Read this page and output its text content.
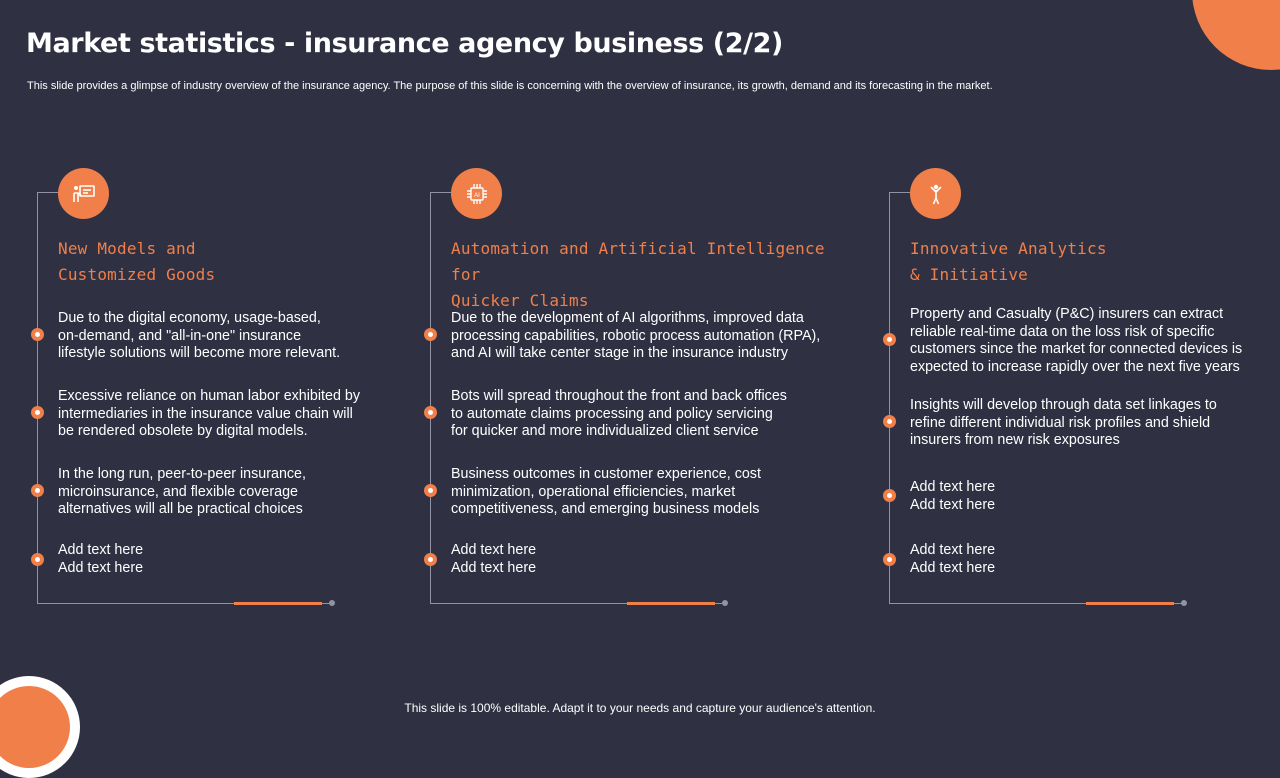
Market statistics - insurance agency business (2/2)

This slide provides a glimpse of industry overview of the insurance agency. The purpose of this slide is concerning with the overview of insurance, its growth, demand and its forecasting in the market.

New Models and
Customized Goods

Due to the digital economy, usage-based,
on-demand, and "all-in-one" insurance
lifestyle solutions will become more relevant.

Excessive reliance on human labor exhibited by
intermediaries in the insurance value chain will
be rendered obsolete by digital models.

In the long run, peer-to-peer insurance,
microinsurance, and flexible coverage
alternatives will all be practical choices

Add text here
Add text here

AI

Automation and Artificial Intelligence for
Quicker Claims

Due to the development of AI algorithms, improved data
processing capabilities, robotic process automation (RPA),
and AI will take center stage in the insurance industry

Bots will spread throughout the front and back offices
to automate claims processing and policy servicing
for quicker and more individualized client service

Business outcomes in customer experience, cost
minimization, operational efficiencies, market
competitiveness, and emerging business models

Add text here
Add text here

Innovative Analytics
& Initiative

Property and Casualty (P&C) insurers can extract
reliable real-time data on the loss risk of specific
customers since the market for connected devices is
expected to increase rapidly over the next five years

Insights will develop through data set linkages to
refine different individual risk profiles and shield
insurers from new risk exposures

Add text here
Add text here

Add text here
Add text here

This slide is 100% editable. Adapt it to your needs and capture your audience's attention.
